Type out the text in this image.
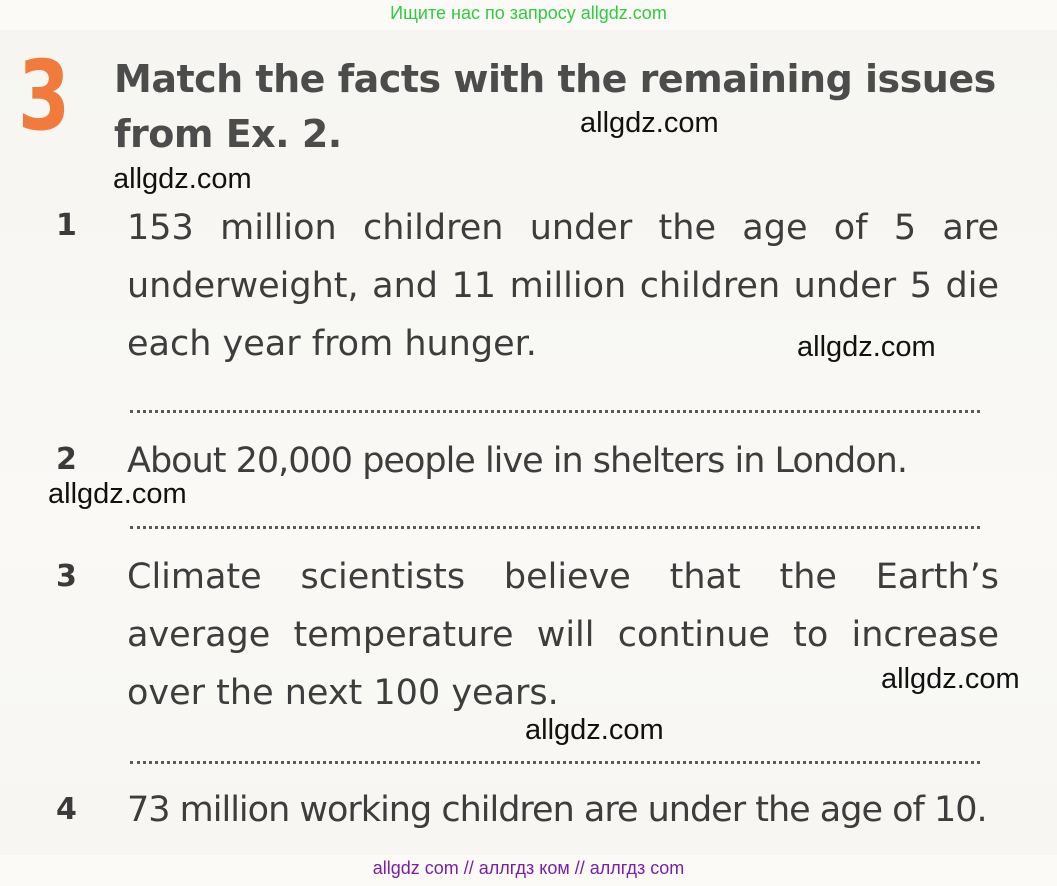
Ищите нас по запросу allgdz.com
3 Match the facts with the remaining issues from Ex. 2.
1 153 million children under the age of 5 are underweight, and 11 million children under 5 die each year from hunger.
2 About 20,000 people live in shelters in London.
3 Climate scientists believe that the Earth’s average temperature will continue to increase over the next 100 years.
4 73 million working children are under the age of 10.
allgdz.com
allgdz.com
allgdz.com
allgdz.com
allgdz.com
allgdz.com
allgdz com // аллгдз ком // аллгдз com
